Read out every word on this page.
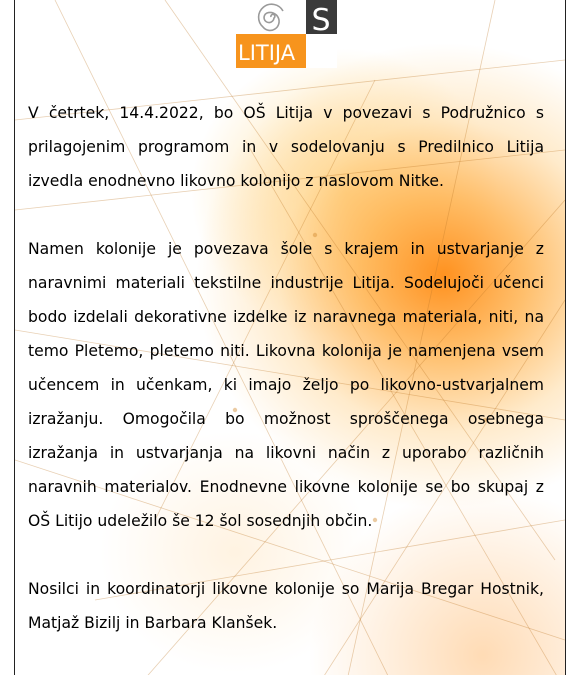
S
LITIJA

V četrtek, 14.4.2022, bo OŠ Litija v povezavi s Podružnico s prilagojenim programom in v sodelovanju s Predilnico Litija izvedla enodnevno likovno kolonijo z naslovom Nitke.

Namen kolonije je povezava šole s krajem in ustvarjanje z naravnimi materiali tekstilne industrije Litija. Sodelujoči učenci bodo izdelali dekorativne izdelke iz naravnega materiala, niti, na temo Pletemo, pletemo niti. Likovna kolonija je namenjena vsem učencem in učenkam, ki imajo željo po likovno-ustvarjalnem izražanju. Omogočila bo možnost sproščenega osebnega izražanja in ustvarjanja na likovni način z uporabo različnih naravnih materialov. Enodnevne likovne kolonije se bo skupaj z OŠ Litijo udeležilo še 12 šol sosednjih občin.

Nosilci in koordinatorji likovne kolonije so Marija Bregar Hostnik, Matjaž Bizilj in Barbara Klanšek.
